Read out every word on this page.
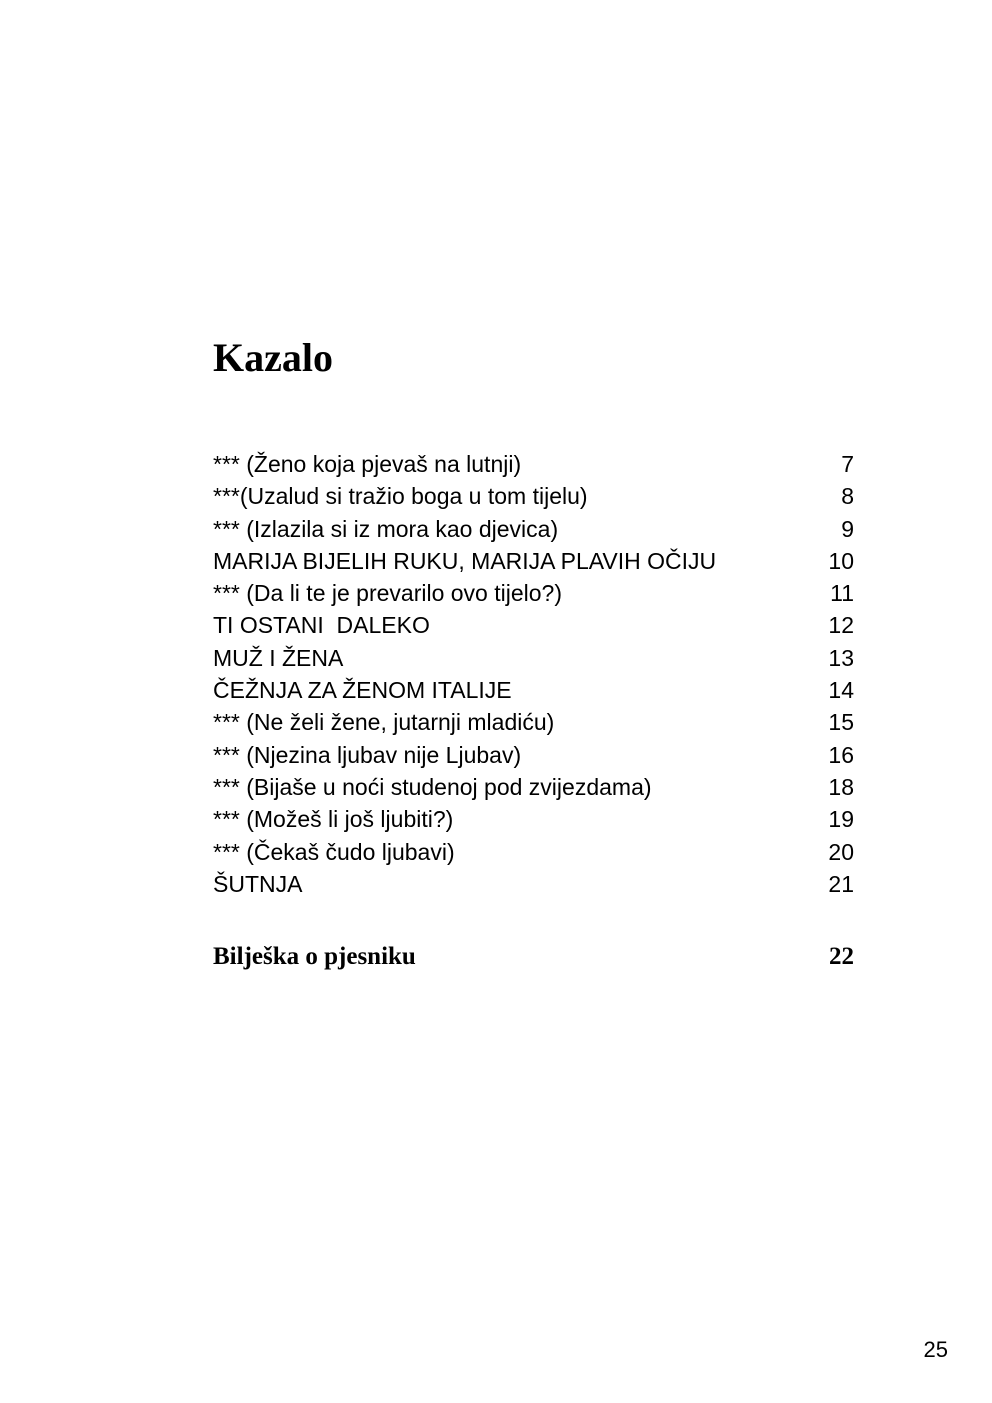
Kazalo
*** (Ženo koja pjevaš na lutnji)	7
***(Uzalud si tražio boga u tom tijelu)	8
*** (Izlazila si iz mora kao djevica)	9
MARIJA BIJELIH RUKU, MARIJA PLAVIH OČIJU	10
*** (Da li te je prevarilo ovo tijelo?)	11
TI OSTANI  DALEKO	12
MUŽ I ŽENA	13
ČEŽNJA ZA ŽENOM ITALIJE	14
*** (Ne želi žene, jutarnji mladiću)	15
*** (Njezina ljubav nije Ljubav)	16
*** (Bijaše u noći studenoj pod zvijezdama)	18
*** (Možeš li još ljubiti?)	19
*** (Čekaš čudo ljubavi)	20
ŠUTNJA	21
Bilješka o pjesniku	22
25
